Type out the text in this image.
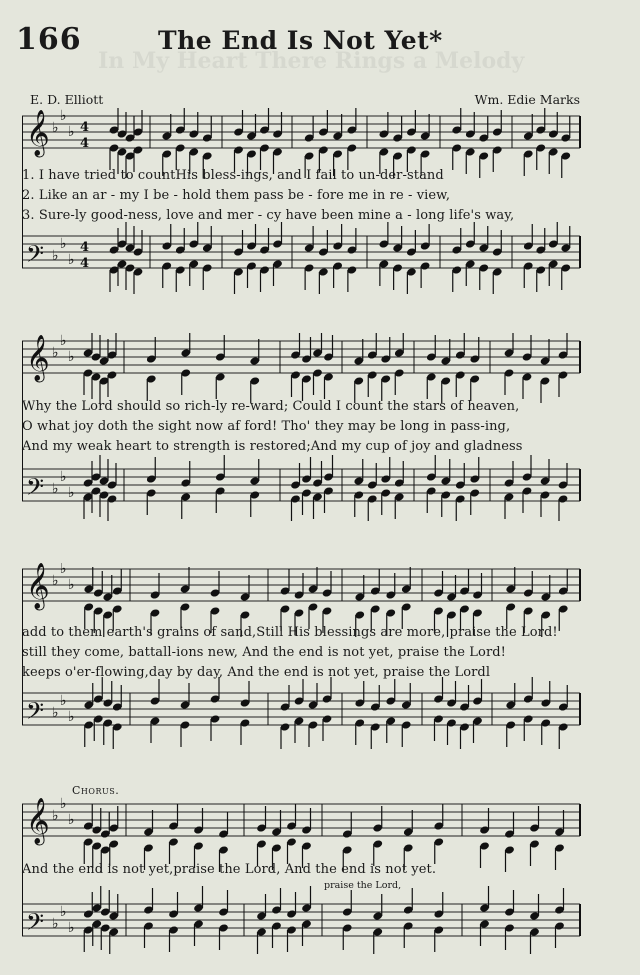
166
In My Heart There Rings a Melody
The End Is Not Yet*
E. D. Elliott	Wm. Edie Marks
𝄞 ♭
♭
♭ 4
4
𝄢 ♭
♭
♭
4
4
1. I have tried to countHis bless-ings, and I fail to un-der-stand
2. Like an ar - my I be - hold them pass be - fore me in re - view,
3. Sure-ly good-ness, love and mer - cy have been mine a - long life's way,
𝄞 ♭
♭
♭
𝄢 ♭
♭
♭
Why the Lord should so rich-ly re-ward; Could I count the stars of heaven,
O what joy doth the sight now af ford! Tho' they may be long in pass-ing,
And my weak heart to strength is restored;And my cup of joy and gladness
𝄞 ♭
♭
♭
𝄢 ♭
♭
♭
add to them earth's grains of sand,Still His blessings are more, praise the Lord!
still they come, battall-ions new, And the end is not yet, praise the Lord!
keeps o'er-flowing,day by day, And the end is not yet, praise the Lordl
Chorus.
𝄞 ♭
♭
♭
𝄢 ♭
♭
♭
And the end is not yet,praise the Lord, And the end is not yet.
praise the Lord,
